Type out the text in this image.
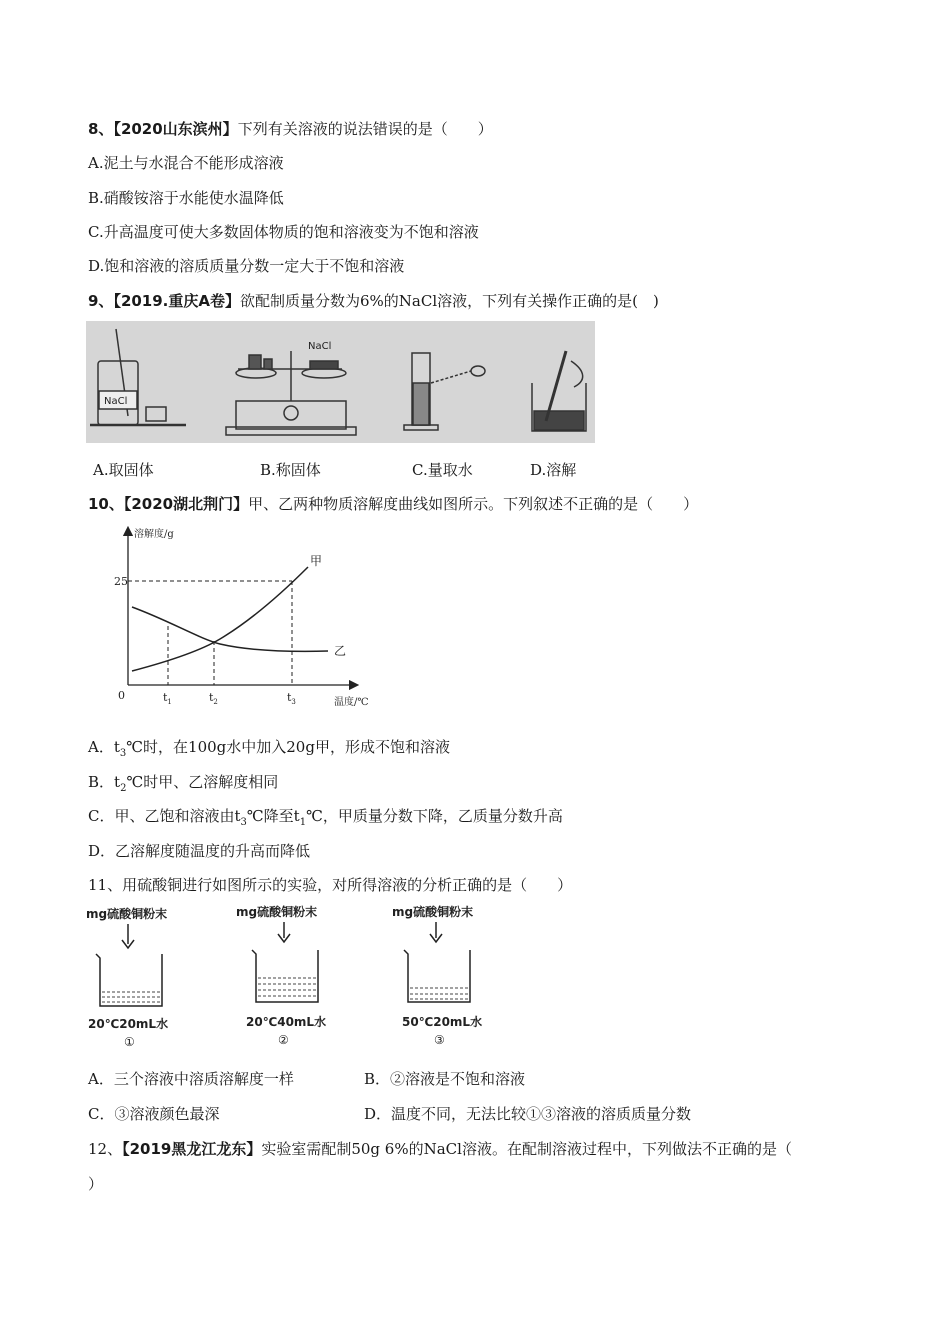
8、【2020山东滨州】下列有关溶液的说法错误的是（　　）
A.泥土与水混合不能形成溶液
B.硝酸铵溶于水能使水温降低
C.升高温度可使大多数固体物质的饱和溶液变为不饱和溶液
D.饱和溶液的溶质质量分数一定大于不饱和溶液
9、【2019.重庆A卷】欲配制质量分数为6%的NaCl溶液，下列有关操作正确的是(　)
NaCl
NaCl
A.取固体	B.称固体	C.量取水	D.溶解
10、【2020湖北荆门】甲、乙两种物质溶解度曲线如图所示。下列叙述不正确的是（　　）
溶解度/g
温度/℃
25
0
甲
乙
$t_1$	$t_2$	$t_3$
A．$t_3℃$时，在100g水中加入20g甲，形成不饱和溶液
B．$t_2℃$时甲、乙溶解度相同
C．甲、乙饱和溶液由$t_3℃$降至$t_1℃$，甲质量分数下降，乙质量分数升高
D．乙溶解度随温度的升高而降低
11、用硫酸铜进行如图所示的实验，对所得溶液的分析正确的是（　　）
mg硫酸铜粉末
20℃20mL水
①
mg硫酸铜粉末
20℃40mL水
②
mg硫酸铜粉末
50℃20mL水
③
A．三个溶液中溶质溶解度一样	B．②溶液是不饱和溶液
C．③溶液颜色最深	D．温度不同，无法比较①③溶液的溶质质量分数
12、【2019黑龙江龙东】实验室需配制50g 6%的NaCl溶液。在配制溶液过程中，下列做法不正确的是（
）
